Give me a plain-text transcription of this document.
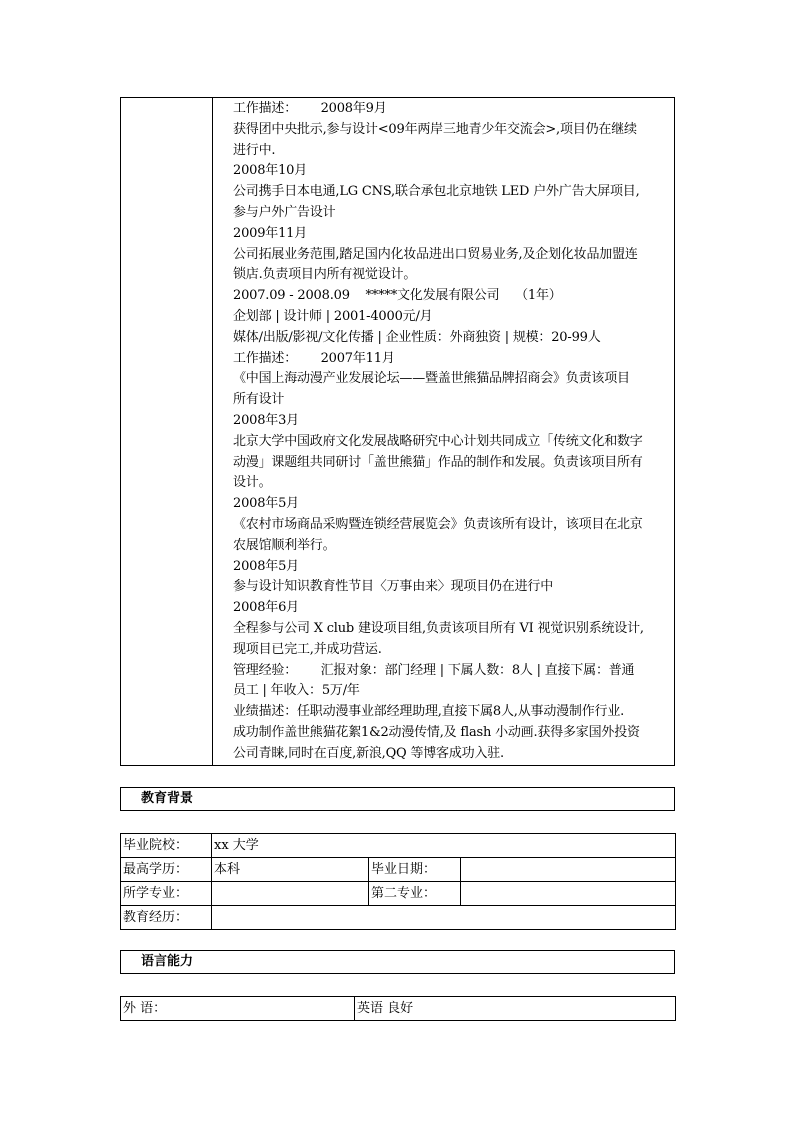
工作描述：      2008年9月
获得团中央批示,参与设计<09年两岸三地青少年交流会>,项目仍在继续
进行中.
2008年10月
公司携手日本电通,LG CNS,联合承包北京地铁 LED 户外广告大屏项目,
参与户外广告设计
2009年11月
公司拓展业务范围,踏足国内化妆品进出口贸易业务,及企划化妆品加盟连
锁店.负责项目内所有视觉设计。
2007.09 - 2008.09    *****文化发展有限公司    （1年）
企划部 | 设计师 | 2001-4000元/月
媒体/出版/影视/文化传播 | 企业性质：外商独资 | 规模：20-99人
工作描述：      2007年11月
《中国上海动漫产业发展论坛——暨盖世熊猫品牌招商会》负责该项目
所有设计
2008年3月
北京大学中国政府文化发展战略研究中心计划共同成立「传统文化和数字
动漫」课题组共同研讨「盖世熊猫」作品的制作和发展。负责该项目所有
设计。
2008年5月
《农村市场商品采购暨连锁经营展览会》负责该所有设计，该项目在北京
农展馆顺利举行。
2008年5月
参与设计知识教育性节目〈万事由来〉现项目仍在进行中
2008年6月
全程参与公司 X club 建设项目组,负责该项目所有 VI 视觉识别系统设计,
现项目已完工,并成功营运.
管理经验：      汇报对象：部门经理 | 下属人数：8人 | 直接下属：普通
员工 | 年收入：5万/年
业绩描述：任职动漫事业部经理助理,直接下属8人,从事动漫制作行业.
成功制作盖世熊猫花絮1&2动漫传情,及 flash 小动画.获得多家国外投资
公司青睐,同时在百度,新浪,QQ 等博客成功入驻.
教育背景
毕业院校：	xx 大学		
最高学历：	本科	毕业日期：	
所学专业：		第二专业：	
教育经历：			
语言能力
外 语：	英语 良好
